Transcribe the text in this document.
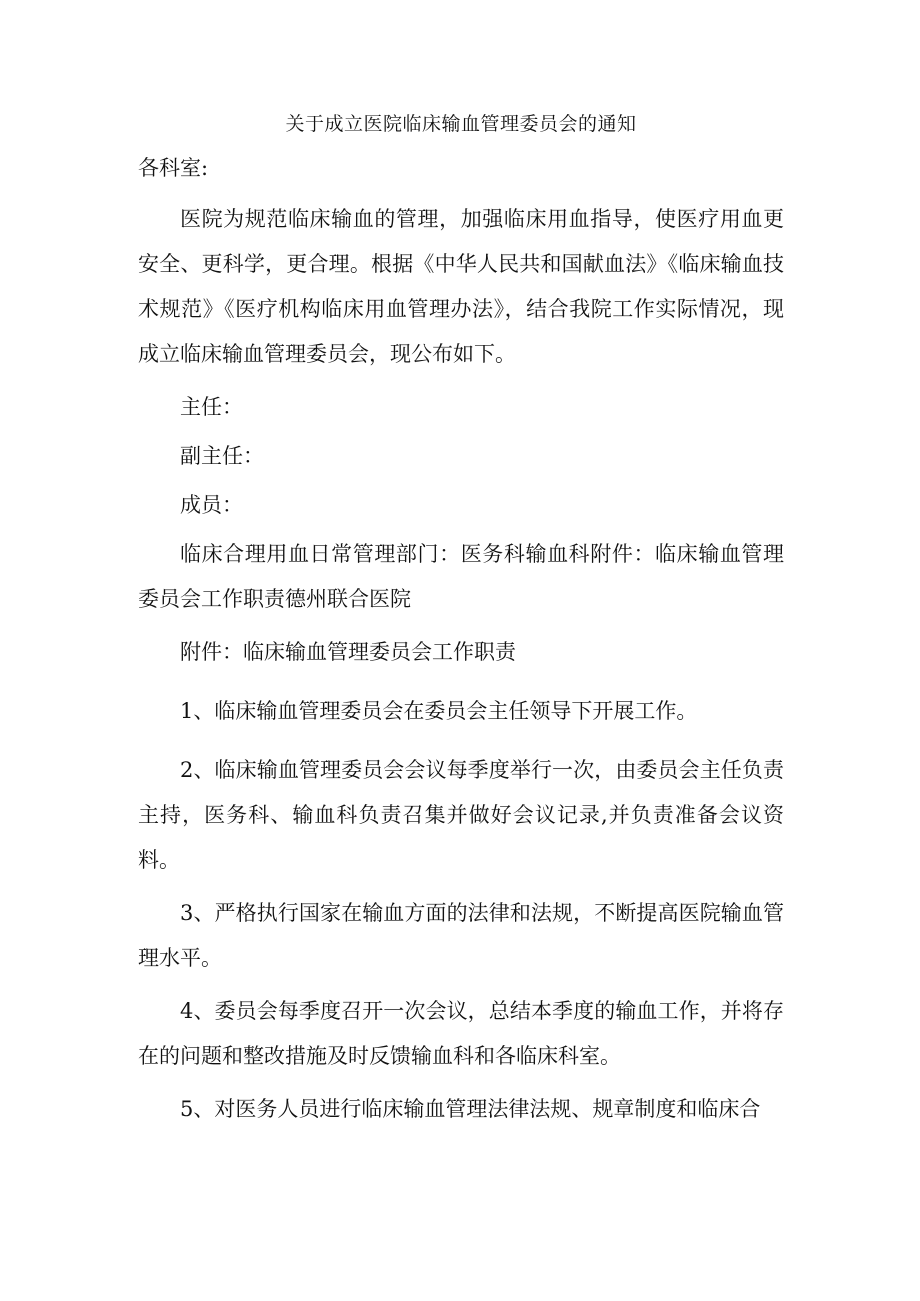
关于成立医院临床输血管理委员会的通知
各科室:
医院为规范临床输血的管理，加强临床用血指导，使医疗用血更安全、更科学，更合理。根据《中华人民共和国献血法》《临床输血技术规范》《医疗机构临床用血管理办法》，结合我院工作实际情况，现成立临床输血管理委员会，现公布如下。
主任：
副主任：
成员：
临床合理用血日常管理部门：医务科输血科附件：临床输血管理委员会工作职责德州联合医院
附件：临床输血管理委员会工作职责
1、临床输血管理委员会在委员会主任领导下开展工作。
2、临床输血管理委员会会议每季度举行一次，由委员会主任负责主持，医务科、输血科负责召集并做好会议记录,并负责准备会议资料。
3、严格执行国家在输血方面的法律和法规，不断提高医院输血管理水平。
4、委员会每季度召开一次会议，总结本季度的输血工作，并将存在的问题和整改措施及时反馈输血科和各临床科室。
5、对医务人员进行临床输血管理法律法规、规章制度和临床合
